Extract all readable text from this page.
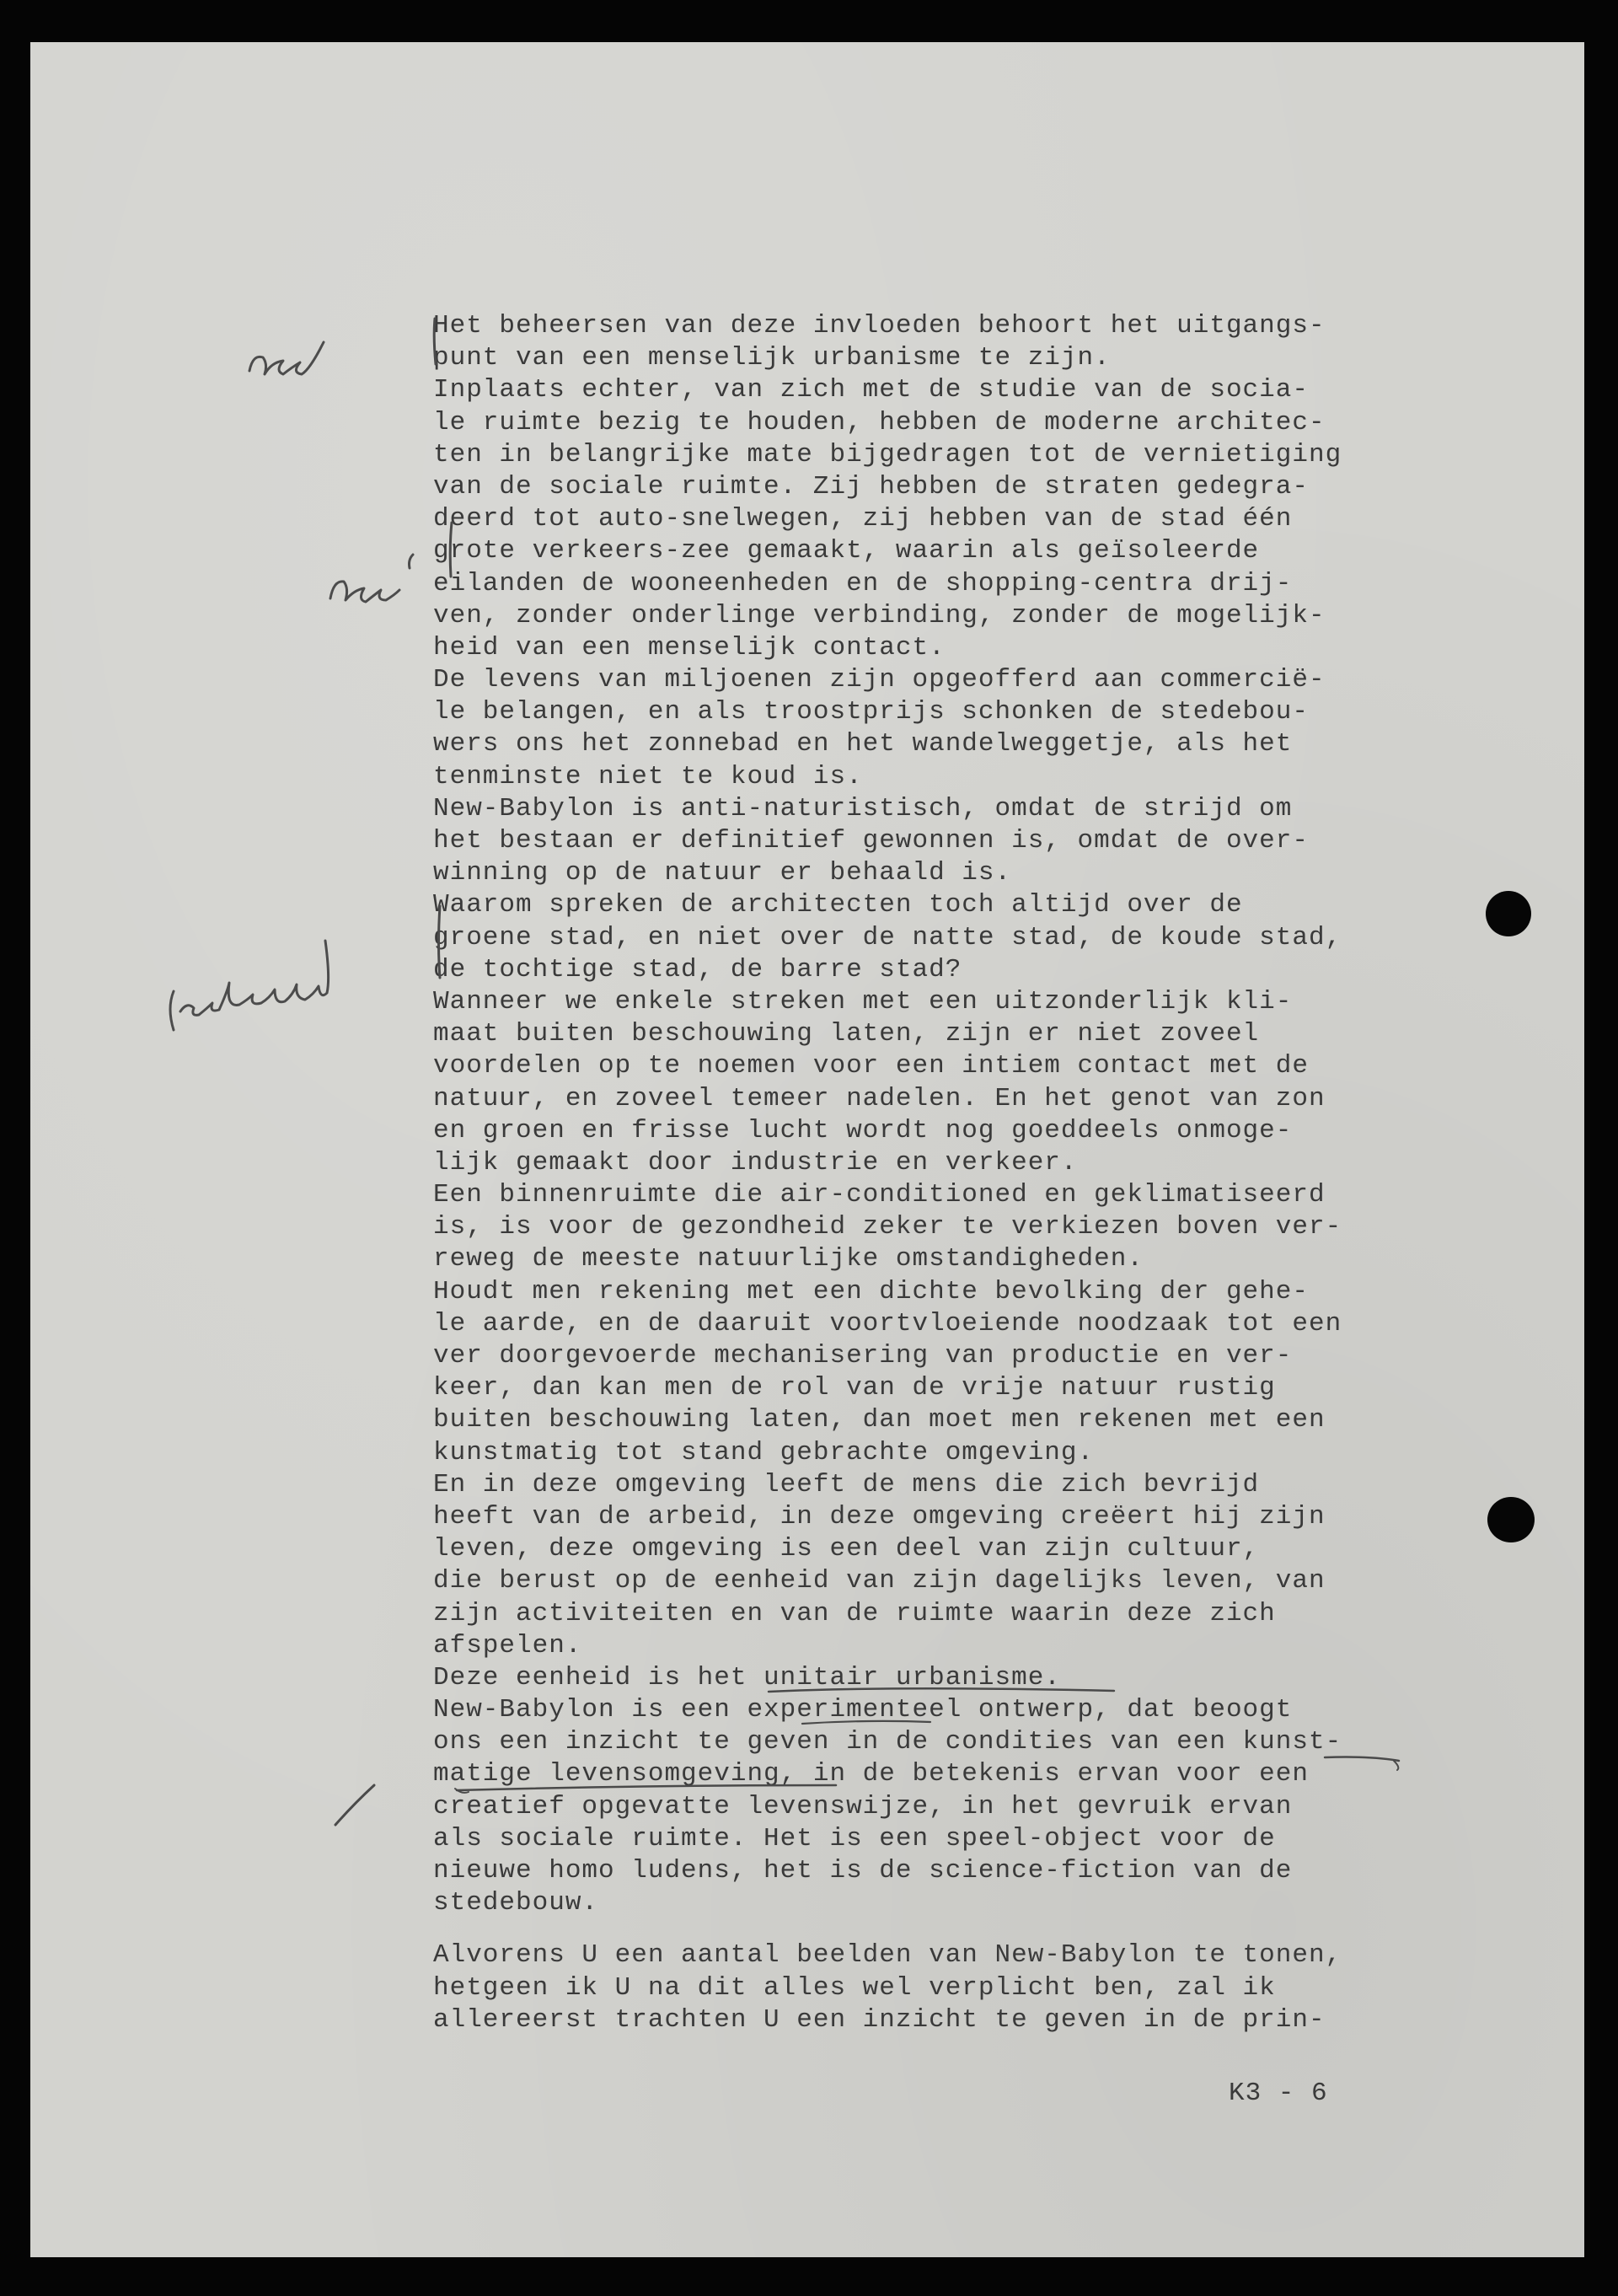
Het beheersen van deze invloeden behoort het uitgangs-
punt van een menselijk urbanisme te zijn.
Inplaats echter, van zich met de studie van de socia-
le ruimte bezig te houden, hebben de moderne architec-
ten in belangrijke mate bijgedragen tot de vernietiging
van de sociale ruimte. Zij hebben de straten gedegra-
deerd tot auto-snelwegen, zij hebben van de stad één
grote verkeers-zee gemaakt, waarin als geïsoleerde
eilanden de wooneenheden en de shopping-centra drij-
ven, zonder onderlinge verbinding, zonder de mogelijk-
heid van een menselijk contact.
De levens van miljoenen zijn opgeofferd aan commercië-
le belangen, en als troostprijs schonken de stedebou-
wers ons het zonnebad en het wandelweggetje, als het
tenminste niet te koud is.
New-Babylon is anti-naturistisch, omdat de strijd om
het bestaan er definitief gewonnen is, omdat de over-
winning op de natuur er behaald is.
Waarom spreken de architecten toch altijd over de
groene stad, en niet over de natte stad, de koude stad,
de tochtige stad, de barre stad?
Wanneer we enkele streken met een uitzonderlijk kli-
maat buiten beschouwing laten, zijn er niet zoveel
voordelen op te noemen voor een intiem contact met de
natuur, en zoveel temeer nadelen. En het genot van zon
en groen en frisse lucht wordt nog goeddeels onmoge-
lijk gemaakt door industrie en verkeer.
Een binnenruimte die air-conditioned en geklimatiseerd
is, is voor de gezondheid zeker te verkiezen boven ver-
reweg de meeste natuurlijke omstandigheden.
Houdt men rekening met een dichte bevolking der gehe-
le aarde, en de daaruit voortvloeiende noodzaak tot een
ver doorgevoerde mechanisering van productie en ver-
keer, dan kan men de rol van de vrije natuur rustig
buiten beschouwing laten, dan moet men rekenen met een
kunstmatig tot stand gebrachte omgeving.
En in deze omgeving leeft de mens die zich bevrijd
heeft van de arbeid, in deze omgeving creëert hij zijn
leven, deze omgeving is een deel van zijn cultuur,
die berust op de eenheid van zijn dagelijks leven, van
zijn activiteiten en van de ruimte waarin deze zich
afspelen.
Deze eenheid is het unitair urbanisme.
New-Babylon is een experimenteel ontwerp, dat beoogt
ons een inzicht te geven in de condities van een kunst-
matige levensomgeving, in de betekenis ervan voor een
creatief opgevatte levenswijze, in het gevruik ervan
als sociale ruimte. Het is een speel-object voor de
nieuwe homo ludens, het is de science-fiction van de
stedebouw.
Alvorens U een aantal beelden van New-Babylon te tonen,
hetgeen ik U na dit alles wel verplicht ben, zal ik
allereerst trachten U een inzicht te geven in de prin-
K3 - 6
